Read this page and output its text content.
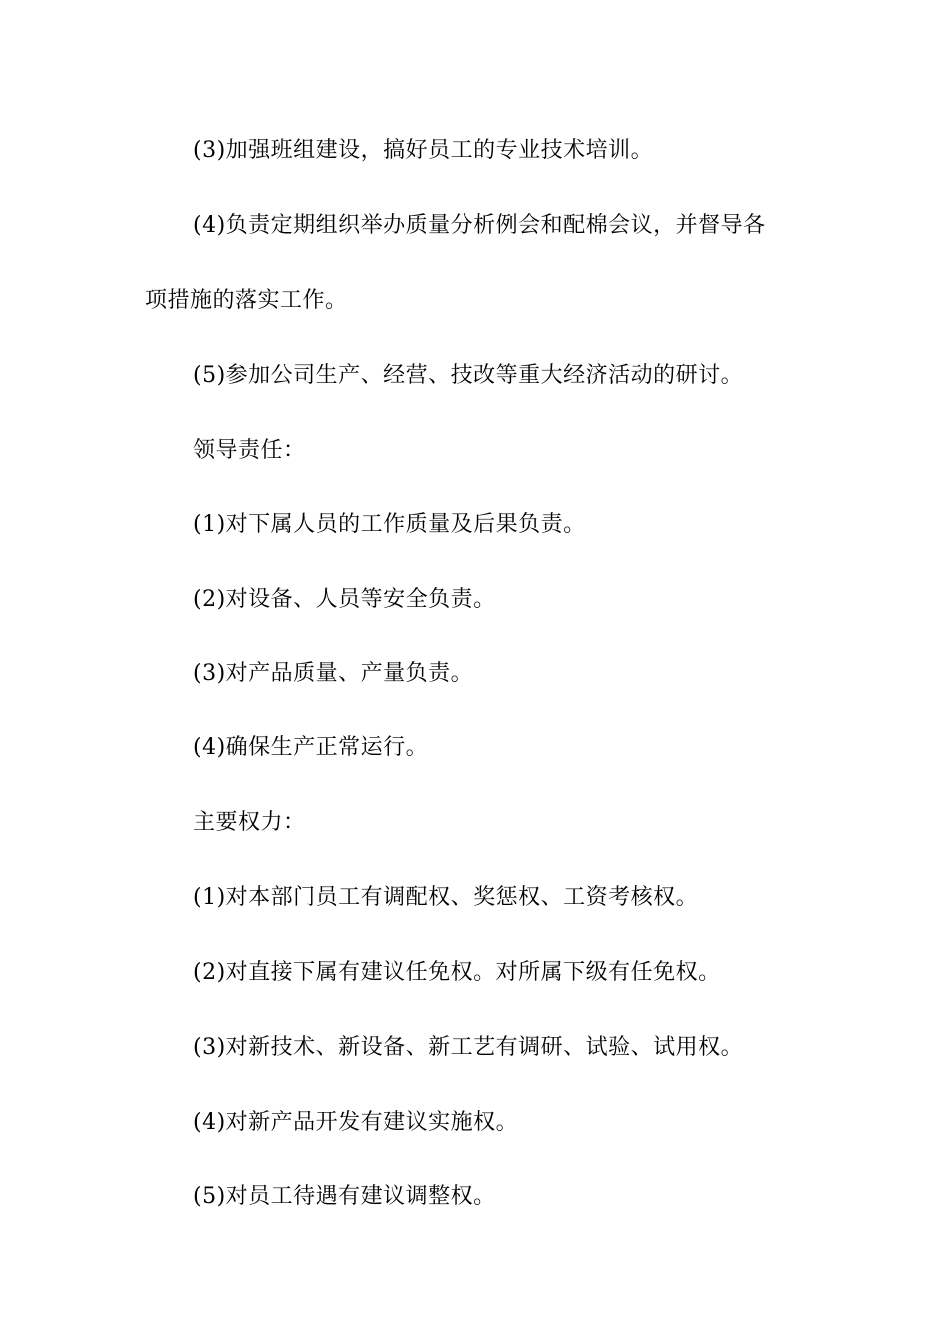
(3)加强班组建设，搞好员工的专业技术培训。
(4)负责定期组织举办质量分析例会和配棉会议，并督导各
项措施的落实工作。
(5)参加公司生产、经营、技改等重大经济活动的研讨。
领导责任：
(1)对下属人员的工作质量及后果负责。
(2)对设备、人员等安全负责。
(3)对产品质量、产量负责。
(4)确保生产正常运行。
主要权力：
(1)对本部门员工有调配权、奖惩权、工资考核权。
(2)对直接下属有建议任免权。对所属下级有任免权。
(3)对新技术、新设备、新工艺有调研、试验、试用权。
(4)对新产品开发有建议实施权。
(5)对员工待遇有建议调整权。
